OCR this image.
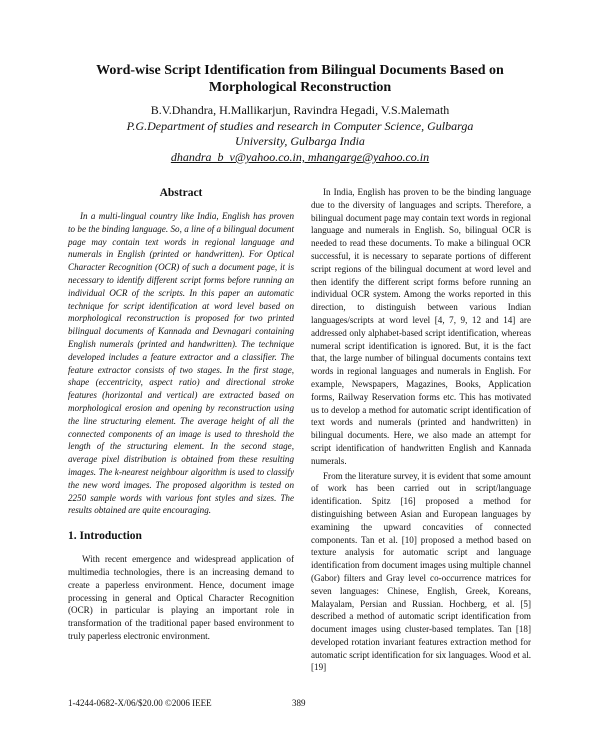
Word-wise Script Identification from Bilingual Documents Based on Morphological Reconstruction
B.V.Dhandra, H.Mallikarjun, Ravindra Hegadi, V.S.Malemath
P.G.Department of studies and research in Computer Science, Gulbarga University, Gulbarga India
dhandra_b_v@yahoo.co.in, mhangarge@yahoo.co.in
Abstract

In a multi-lingual country like India, English has proven to be the binding language. So, a line of a bilingual document page may contain text words in regional language and numerals in English (printed or handwritten). For Optical Character Recognition (OCR) of such a document page, it is necessary to identify different script forms before running an individual OCR of the scripts. In this paper an automatic technique for script identification at word level based on morphological reconstruction is proposed for two printed bilingual documents of Kannada and Devnagari containing English numerals (printed and handwritten). The technique developed includes a feature extractor and a classifier. The feature extractor consists of two stages. In the first stage, shape (eccentricity, aspect ratio) and directional stroke features (horizontal and vertical) are extracted based on morphological erosion and opening by reconstruction using the line structuring element. The average height of all the connected components of an image is used to threshold the length of the structuring element. In the second stage, average pixel distribution is obtained from these resulting images. The k-nearest neighbour algorithm is used to classify the new word images. The proposed algorithm is tested on 2250 sample words with various font styles and sizes. The results obtained are quite encouraging.

1. Introduction

With recent emergence and widespread application of multimedia technologies, there is an increasing demand to create a paperless environment. Hence, document image processing in general and Optical Character Recognition (OCR) in particular is playing an important role in transformation of the traditional paper based environment to truly paperless electronic environment.

In India, English has proven to be the binding language due to the diversity of languages and scripts. Therefore, a bilingual document page may contain text words in regional language and numerals in English. So, bilingual OCR is needed to read these documents. To make a bilingual OCR successful, it is necessary to separate portions of different script regions of the bilingual document at word level and then identify the different script forms before running an individual OCR system. Among the works reported in this direction, to distinguish between various Indian languages/scripts at word level [4, 7, 9, 12 and 14] are addressed only alphabet-based script identification, whereas numeral script identification is ignored. But, it is the fact that, the large number of bilingual documents contains text words in regional languages and numerals in English. For example, Newspapers, Magazines, Books, Application forms, Railway Reservation forms etc. This has motivated us to develop a method for automatic script identification of text words and numerals (printed and handwritten) in bilingual documents. Here, we also made an attempt for script identification of handwritten English and Kannada numerals.

From the literature survey, it is evident that some amount of work has been carried out in script/language identification. Spitz [16] proposed a method for distinguishing between Asian and European languages by examining the upward concavities of connected components. Tan et al. [10] proposed a method based on texture analysis for automatic script and language identification from document images using multiple channel (Gabor) filters and Gray level co-occurrence matrices for seven languages: Chinese, English, Greek, Koreans, Malayalam, Persian and Russian. Hochberg, et al. [5] described a method of automatic script identification from document images using cluster-based templates. Tan [18] developed rotation invariant features extraction method for automatic script identification for six languages. Wood et al. [19]

1-4244-0682-X/06/$20.00 ©2006 IEEE	389
